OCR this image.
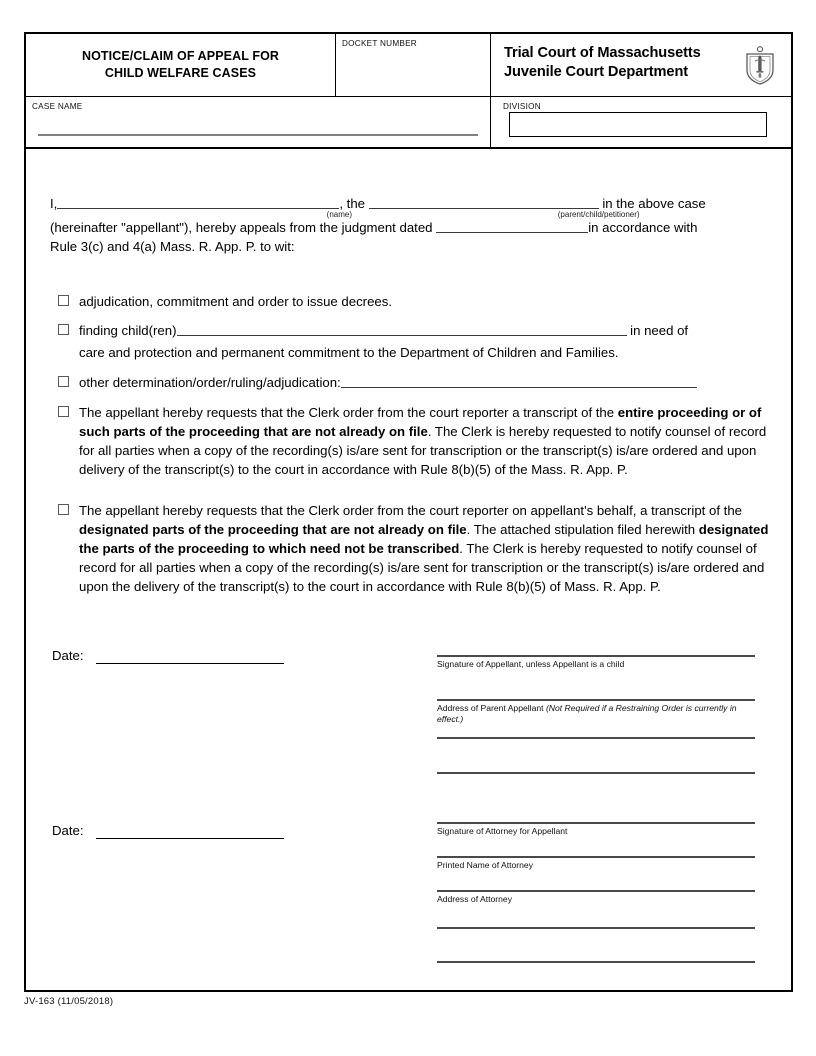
NOTICE/CLAIM OF APPEAL FOR
CHILD WELFARE CASES
DOCKET NUMBER
Trial Court of Massachusetts
Juvenile Court Department
CASE NAME	DIVISION
I,
(name)
, the
(parent/child/petitioner)
in the above case
(hereinafter "appellant"), hereby appeals from the judgment dated	in accordance with
Rule 3(c) and 4(a) Mass. R. App. P. to wit:
adjudication, commitment and order to issue decrees.
finding child(ren)	in need of
care and protection and permanent commitment to the Department of Children and Families.
other determination/order/ruling/adjudication:
The appellant hereby requests that the Clerk order from the court reporter a transcript of the entire proceeding or of such parts of the proceeding that are not already on file. The Clerk is hereby requested to notify counsel of record for all parties when a copy of the recording(s) is/are sent for transcription or the transcript(s) is/are ordered and upon delivery of the transcript(s) to the court in accordance with Rule 8(b)(5) of the Mass. R. App. P.
The appellant hereby requests that the Clerk order from the court reporter on appellant's behalf, a transcript of the designated parts of the proceeding that are not already on file. The attached stipulation filed herewith designated the parts of the proceeding to which need not be transcribed. The Clerk is hereby requested to notify counsel of record for all parties when a copy of the recording(s) is/are sent for transcription or the transcript(s) is/are ordered and upon the delivery of the transcript(s) to the court in accordance with Rule 8(b)(5) of Mass. R. App. P.
Date:
Signature of Appellant, unless Appellant is a child
Address of Parent Appellant (Not Required if a Restraining Order is currently in effect.)
Date:	Signature of Attorney for Appellant
Printed Name of Attorney
Address of Attorney
JV-163 (11/05/2018)
